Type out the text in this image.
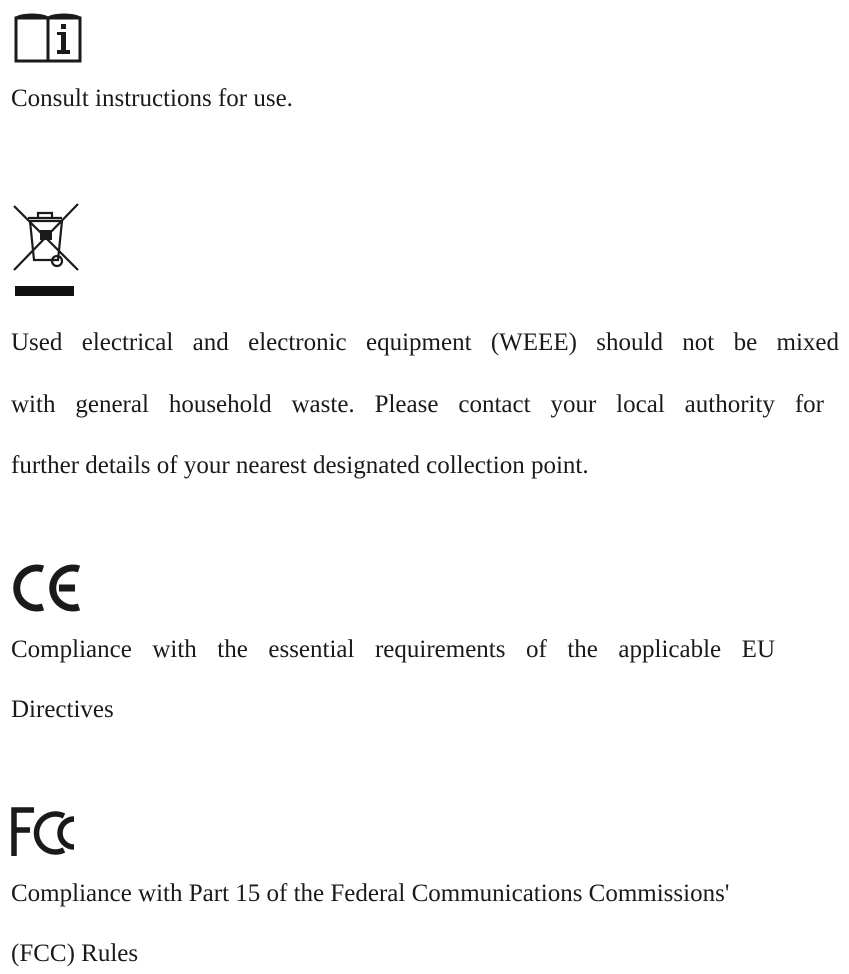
Consult instructions for use.

Used electrical and electronic equipment (WEEE) should not be mixed

with general household waste. Please contact your local authority for

further details of your nearest designated collection point.

Compliance with the essential requirements of the applicable EU

Directives

Compliance with Part 15 of the Federal Communications Commissions'

(FCC) Rules
